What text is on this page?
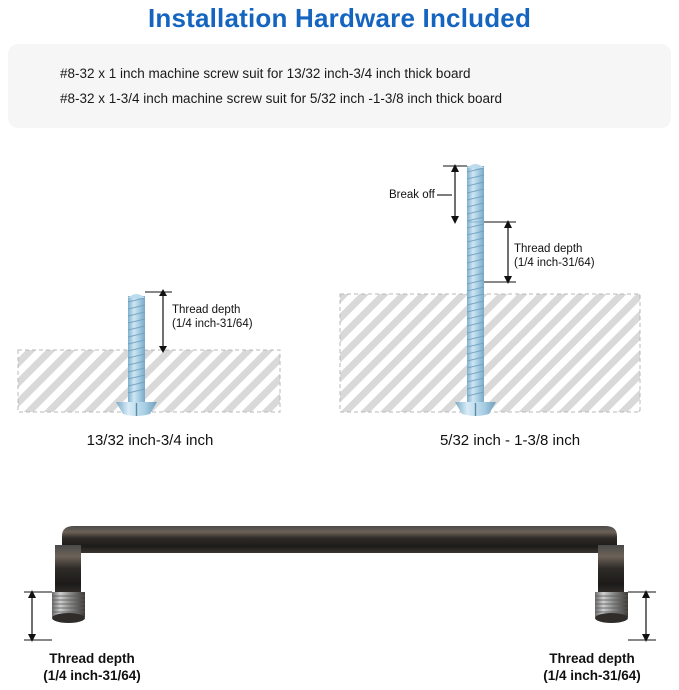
Installation Hardware Included
#8-32 x 1 inch machine screw suit for 13/32 inch-3/4 inch thick board
#8-32 x 1-3/4 inch machine screw suit for 5/32 inch -1-3/8 inch thick board
Thread depth
(1/4 inch-31/64)
Thread depth
(1/4 inch-31/64)
Break off
13/32 inch-3/4 inch	5/32 inch - 1-3/8 inch
Thread depth
(1/4 inch-31/64)
Thread depth
(1/4 inch-31/64)
